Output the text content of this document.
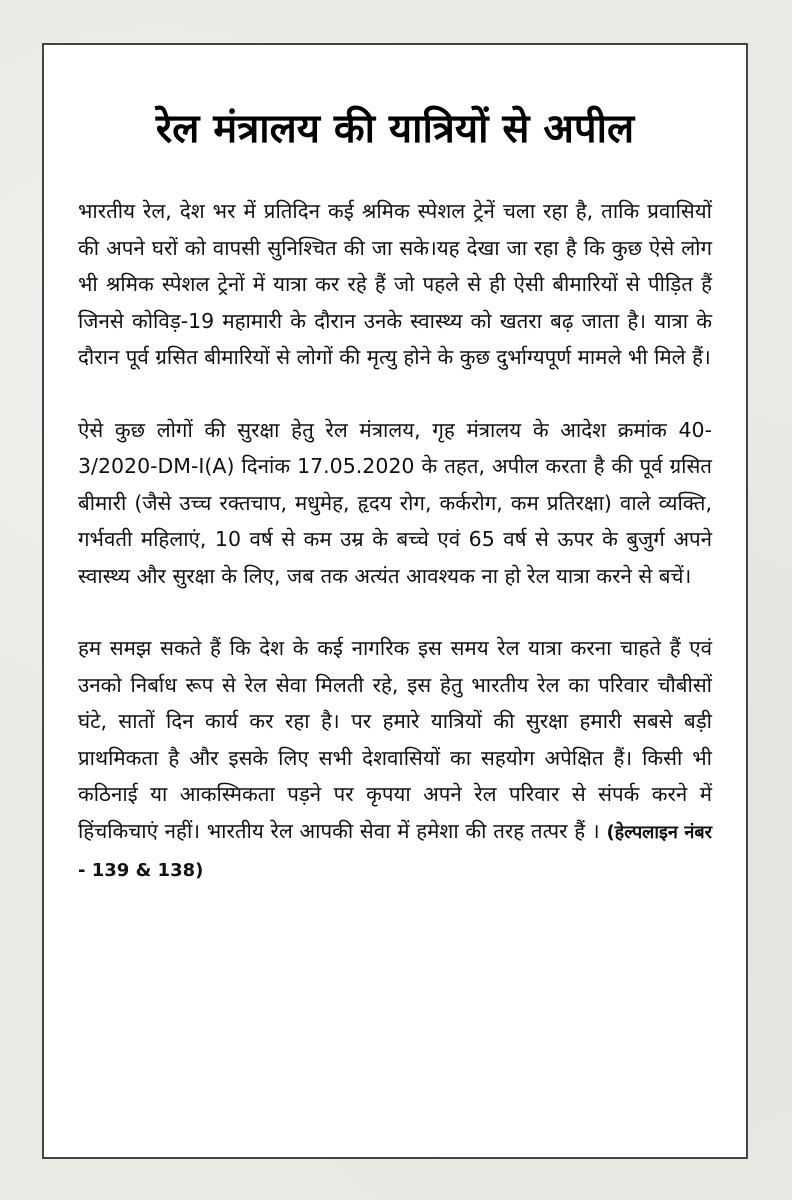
रेल मंत्रालय की यात्रियों से अपील

भारतीय रेल, देश भर में प्रतिदिन कई श्रमिक स्पेशल ट्रेनें चला रहा है, ताकि प्रवासियों की अपने घरों को वापसी सुनिश्चित की जा सके।यह देखा जा रहा है कि कुछ ऐसे लोग भी श्रमिक स्पेशल ट्रेनों में यात्रा कर रहे हैं जो पहले से ही ऐसी बीमारियों से पीड़ित हैं जिनसे कोविड़-19 महामारी के दौरान उनके स्वास्थ्य को खतरा बढ़ जाता है। यात्रा के दौरान पूर्व ग्रसित बीमारियों से लोगों की मृत्यु होने के कुछ दुर्भाग्यपूर्ण मामले भी मिले हैं।

ऐसे कुछ लोगों की सुरक्षा हेतु रेल मंत्रालय, गृह मंत्रालय के आदेश क्रमांक 40-3/2020-DM-I(A) दिनांक 17.05.2020 के तहत, अपील करता है की पूर्व ग्रसित बीमारी (जैसे उच्च रक्तचाप, मधुमेह, हृदय रोग, कर्करोग, कम प्रतिरक्षा) वाले व्यक्ति, गर्भवती महिलाएं, 10 वर्ष से कम उम्र के बच्चे एवं 65 वर्ष से ऊपर के बुजुर्ग अपने स्वास्थ्य और सुरक्षा के लिए, जब तक अत्यंत आवश्यक ना हो रेल यात्रा करने से बचें।

हम समझ सकते हैं कि देश के कई नागरिक इस समय रेल यात्रा करना चाहते हैं एवं उनको निर्बाध रूप से रेल सेवा मिलती रहे, इस हेतु भारतीय रेल का परिवार चौबीसों घंटे, सातों दिन कार्य कर रहा है। पर हमारे यात्रियों की सुरक्षा हमारी सबसे बड़ी प्राथमिकता है और इसके लिए सभी देशवासियों का सहयोग अपेक्षित हैं। किसी भी कठिनाई या आकस्मिकता पड़ने पर कृपया अपने रेल परिवार से संपर्क करने में हिंचकिचाएं नहीं। भारतीय रेल आपकी सेवा में हमेशा की तरह तत्पर हैं । (हेल्पलाइन नंबर - 139 & 138)
